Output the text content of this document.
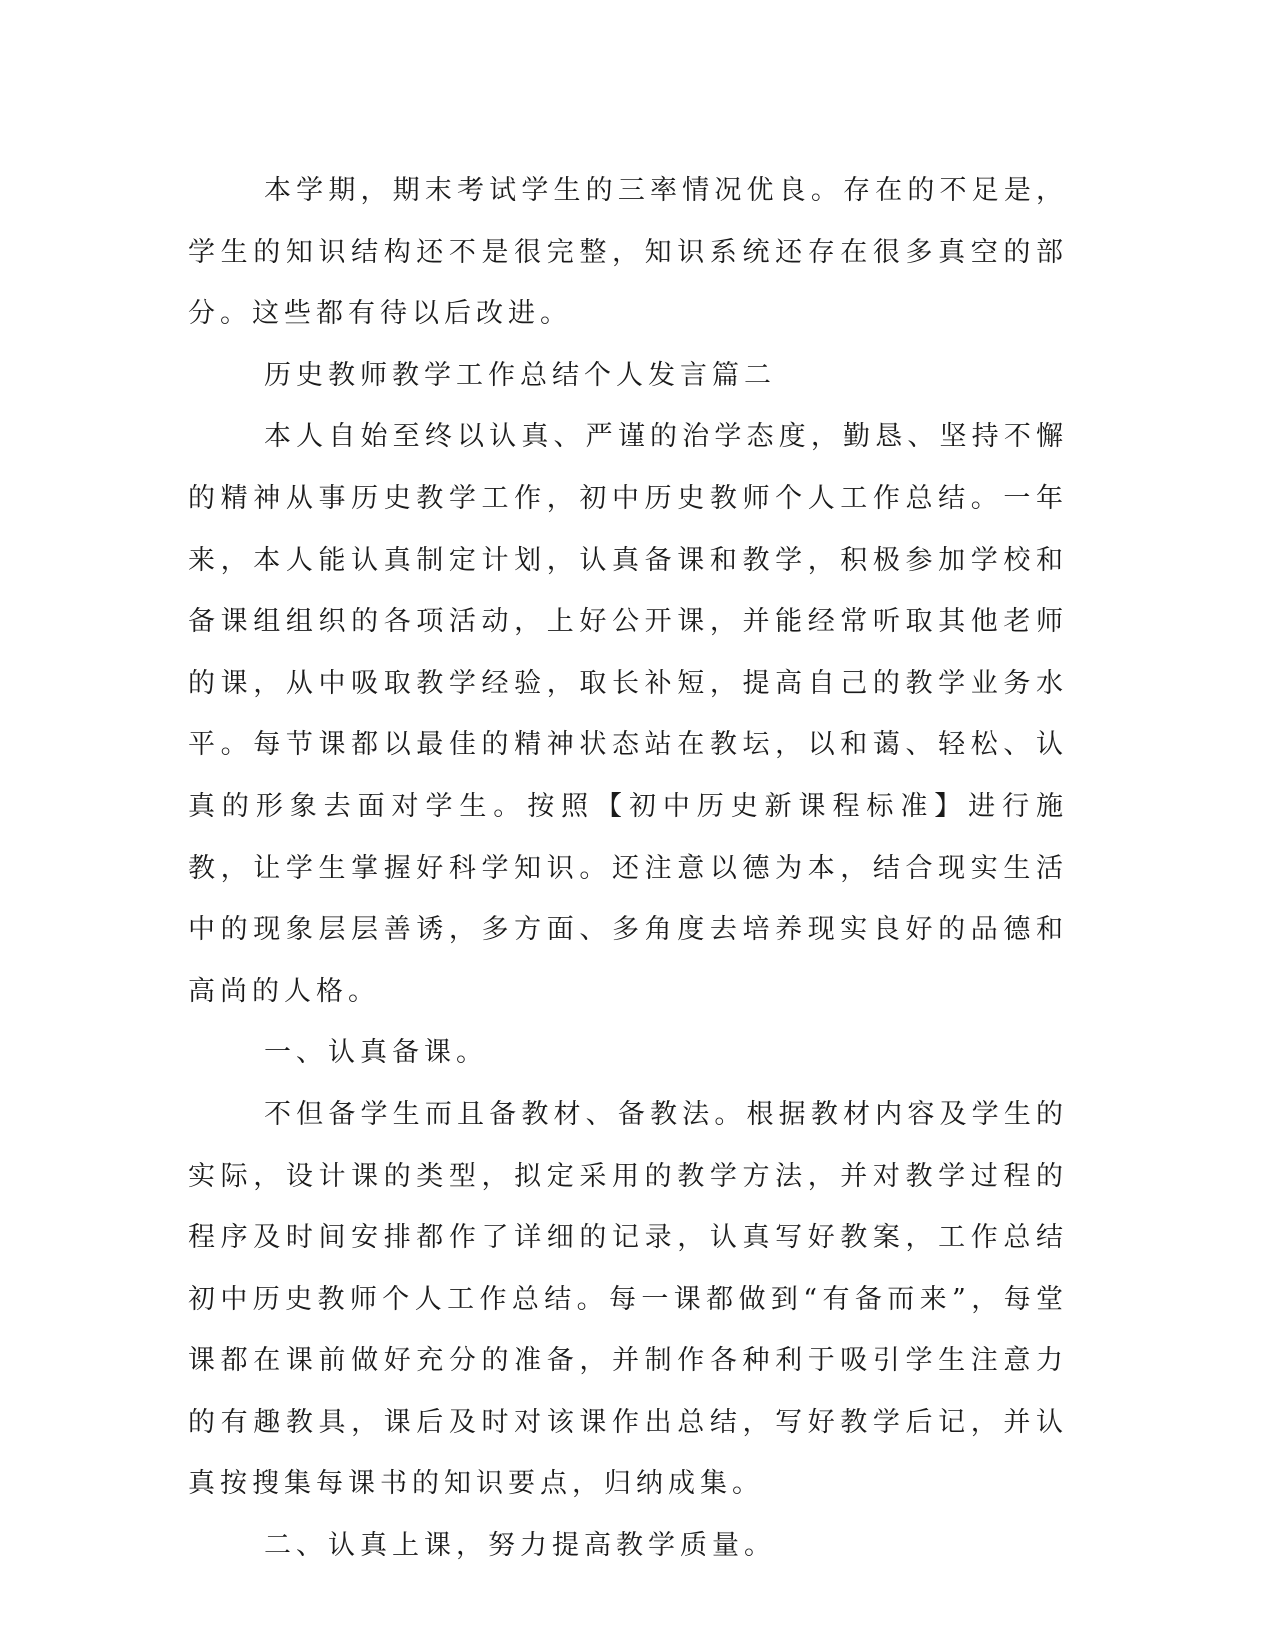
本学期，期末考试学生的三率情况优良。存在的不足是，学生的知识结构还不是很完整，知识系统还存在很多真空的部分。这些都有待以后改进。

历史教师教学工作总结个人发言篇二

本人自始至终以认真、严谨的治学态度，勤恳、坚持不懈的精神从事历史教学工作，初中历史教师个人工作总结。一年来，本人能认真制定计划，认真备课和教学，积极参加学校和备课组组织的各项活动，上好公开课，并能经常听取其他老师的课，从中吸取教学经验，取长补短，提高自己的教学业务水平。每节课都以最佳的精神状态站在教坛，以和蔼、轻松、认真的形象去面对学生。按照【初中历史新课程标准】进行施教，让学生掌握好科学知识。还注意以德为本，结合现实生活中的现象层层善诱，多方面、多角度去培养现实良好的品德和高尚的人格。

一、认真备课。

不但备学生而且备教材、备教法。根据教材内容及学生的实际，设计课的类型，拟定采用的教学方法，并对教学过程的程序及时间安排都作了详细的记录，认真写好教案，工作总结初中历史教师个人工作总结。每一课都做到“有备而来”，每堂课都在课前做好充分的准备，并制作各种利于吸引学生注意力的有趣教具，课后及时对该课作出总结，写好教学后记，并认真按搜集每课书的知识要点，归纳成集。

二、认真上课，努力提高教学质量。
